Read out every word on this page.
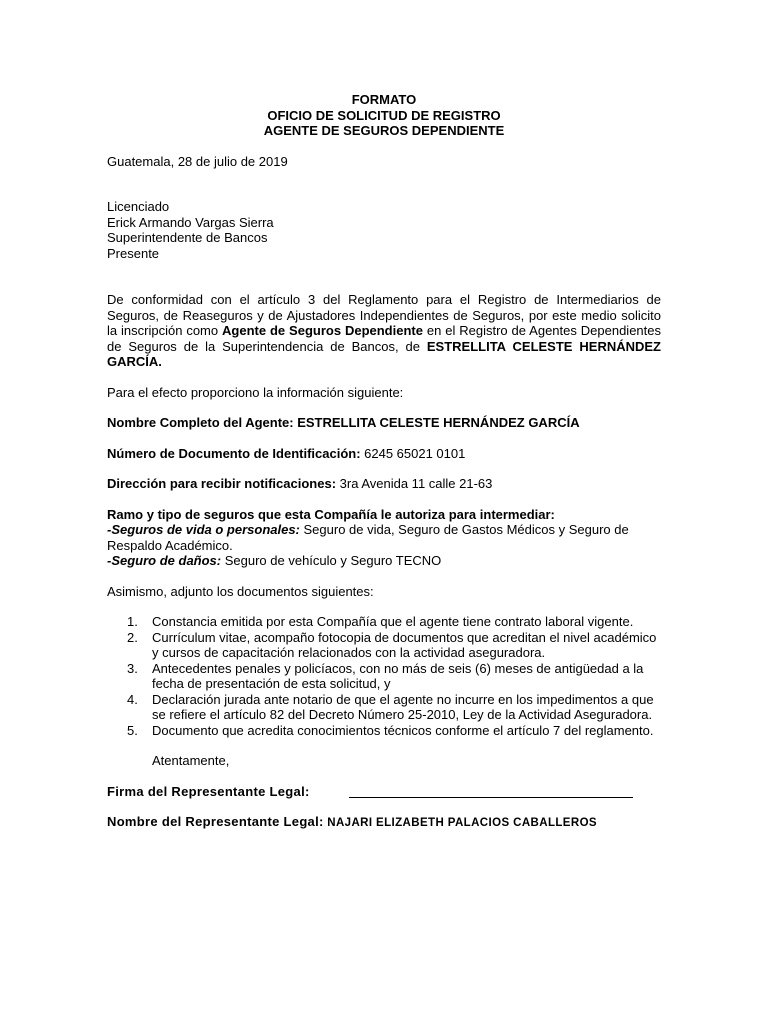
FORMATO
OFICIO DE SOLICITUD DE REGISTRO
AGENTE DE SEGUROS DEPENDIENTE

Guatemala, 28 de julio de 2019

Licenciado

Erick Armando Vargas Sierra

Superintendente de Bancos

Presente

De conformidad con el artículo 3 del Reglamento para el Registro de Intermediarios de Seguros, de Reaseguros y de Ajustadores Independientes de Seguros, por este medio solicito la inscripción como Agente de Seguros Dependiente en el Registro de Agentes Dependientes de Seguros de la Superintendencia de Bancos, de ESTRELLITA CELESTE HERNÁNDEZ GARCÍA.

Para el efecto proporciono la información siguiente:

Nombre Completo del Agente: ESTRELLITA CELESTE HERNÁNDEZ GARCÍA

Número de Documento de Identificación: 6245 65021 0101

Dirección para recibir notificaciones: 3ra Avenida 11 calle 21-63

Ramo y tipo de seguros que esta Compañía le autoriza para intermediar:

-Seguros de vida o personales: Seguro de vida, Seguro de Gastos Médicos y Seguro de Respaldo Académico.

-Seguro de daños: Seguro de vehículo y Seguro TECNO

Asimismo, adjunto los documentos siguientes:

1. Constancia emitida por esta Compañía que el agente tiene contrato laboral vigente.
2. Currículum vitae, acompaño fotocopia de documentos que acreditan el nivel académico y cursos de capacitación relacionados con la actividad aseguradora.
3. Antecedentes penales y policíacos, con no más de seis (6) meses de antigüedad a la fecha de presentación de esta solicitud, y
4. Declaración jurada ante notario de que el agente no incurre en los impedimentos a que se refiere el artículo 82 del Decreto Número 25-2010, Ley de la Actividad Aseguradora.
5. Documento que acredita conocimientos técnicos conforme el artículo 7 del reglamento.

Atentamente,

Firma del Representante Legal:

Nombre del Representante Legal: NAJARI ELIZABETH PALACIOS CABALLEROS
